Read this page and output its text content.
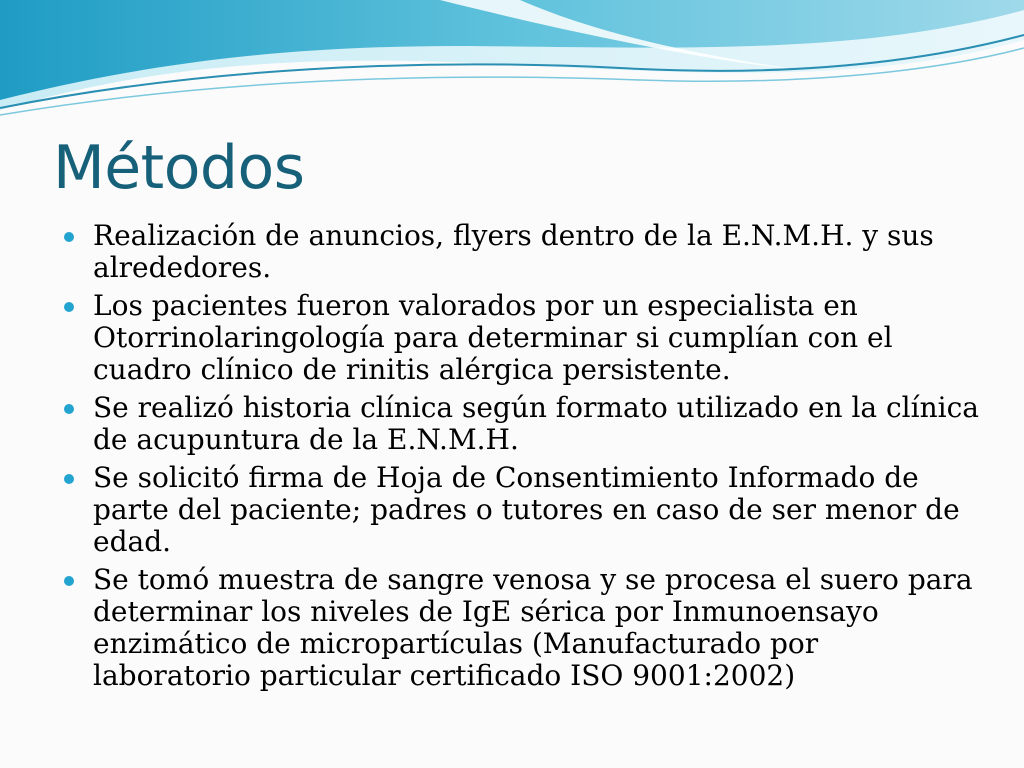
Métodos
Realización de anuncios, flyers dentro de la E.N.M.H. y sus alrededores.
Los pacientes fueron valorados por un especialista en Otorrinolaringología para determinar si cumplían con el cuadro clínico de rinitis alérgica persistente.
Se realizó historia clínica según formato utilizado en la clínica de acupuntura de la E.N.M.H.
Se solicitó firma de Hoja de Consentimiento Informado de parte del paciente; padres o tutores en caso de ser menor de edad.
Se tomó muestra de sangre venosa y se procesa el suero para determinar los niveles de IgE sérica por Inmunoensayo enzimático de micropartículas (Manufacturado por laboratorio particular certificado ISO 9001:2002)
